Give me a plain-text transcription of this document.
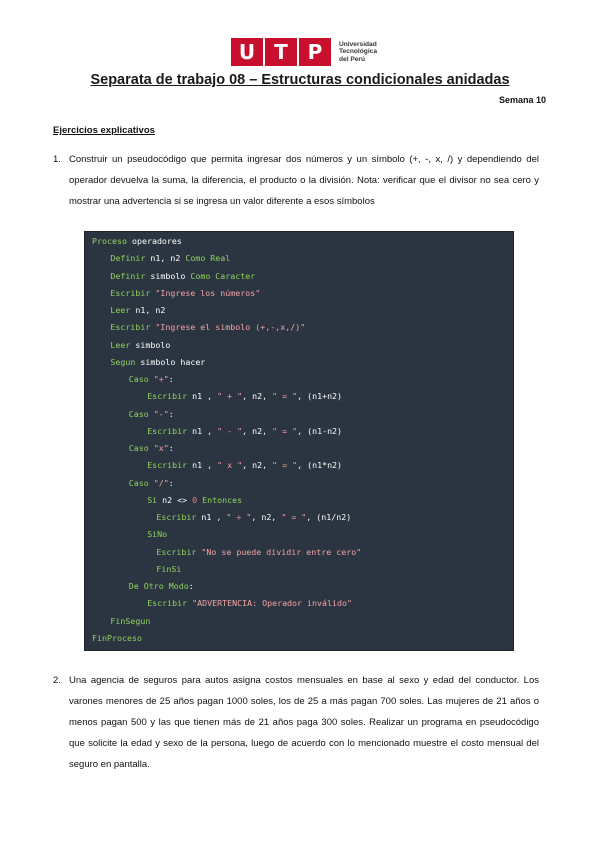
U T P	Universidad
Tecnológica
del Perú
Separata de trabajo 08 – Estructuras condicionales anidadas
Semana 10
Ejercicios explicativos
1. Construir un pseudocódigo que permita ingresar dos números y un símbolo (+, -, x, /) y dependiendo del operador devuelva la suma, la diferencia, el producto o la división. Nota: verificar que el divisor no sea cero y mostrar una advertencia si se ingresa un valor diferente a esos símbolos
Proceso operadores
Definir n1, n2 Como Real
Definir simbolo Como Caracter
Escribir "Ingrese los números"
Leer n1, n2
Escribir "Ingrese el simbolo (+,-,x,/)"
Leer simbolo
Segun simbolo hacer
Caso "+":
Escribir n1 , " + ", n2, " = ", (n1+n2)
Caso "-":
Escribir n1 , " - ", n2, " = ", (n1-n2)
Caso "x":
Escribir n1 , " x ", n2, " = ", (n1*n2)
Caso "/":
Si n2 <> 0 Entonces
Escribir n1 , " ÷ ", n2, " = ", (n1/n2)
SiNo
Escribir "No se puede dividir entre cero"
FinSi
De Otro Modo:
Escribir "ADVERTENCIA: Operador inválido"
FinSegun
FinProceso
2. Una agencia de seguros para autos asigna costos mensuales en base al sexo y edad del conductor. Los varones menores de 25 años pagan 1000 soles, los de 25 a más pagan 700 soles. Las mujeres de 21 años o menos pagan 500 y las que tienen más de 21 años paga 300 soles. Realizar un programa en pseudocódigo que solicite la edad y sexo de la persona, luego de acuerdo con lo mencionado muestre el costo mensual del seguro en pantalla.
